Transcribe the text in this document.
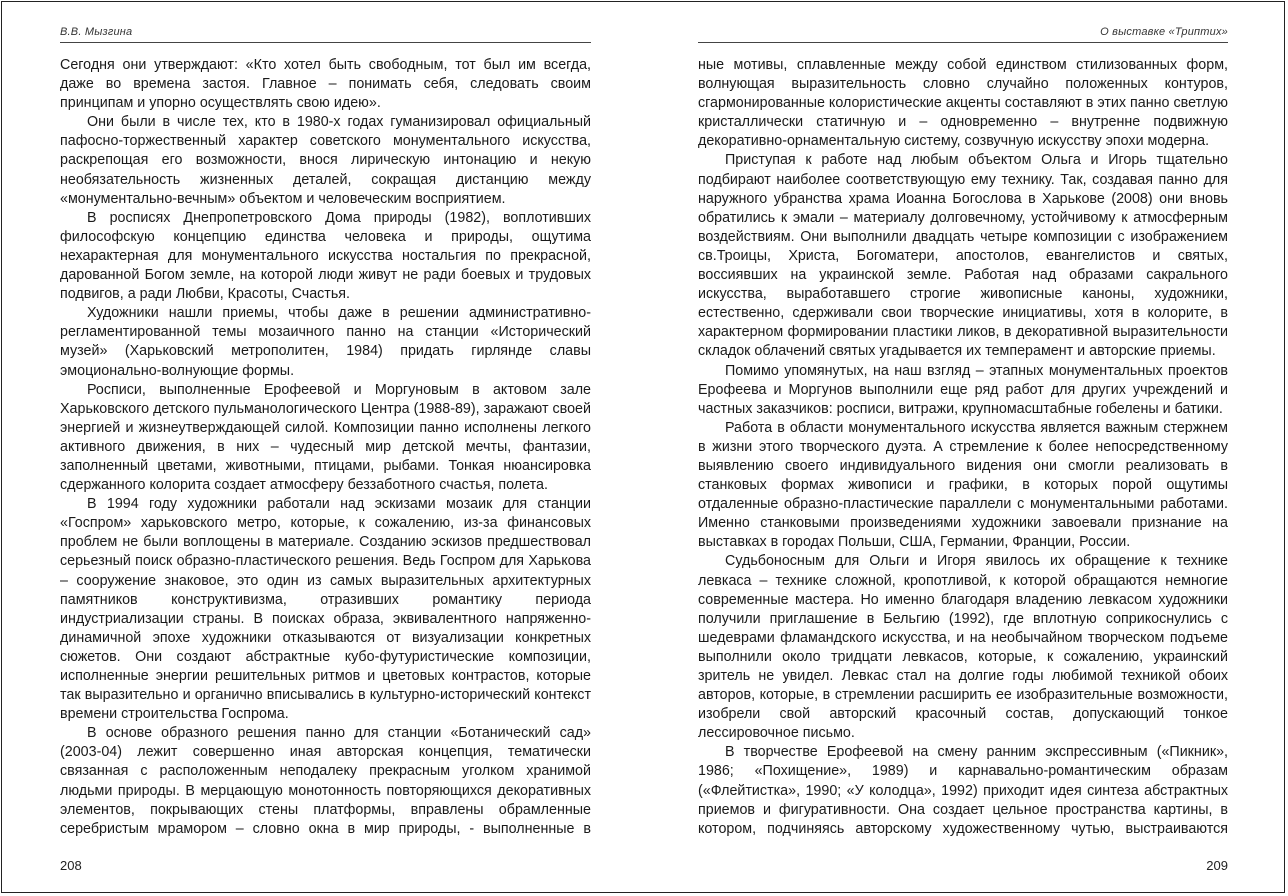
В.В. Мызгина

Сегодня они утверждают: «Кто хотел быть свободным, тот был им всегда, даже во времена застоя. Главное – понимать себя, следовать своим принципам и упорно осуществлять свою идею».

Они были в числе тех, кто в 1980-х годах гуманизировал официальный пафосно-торжественный характер советского монументального искусства, раскрепощая его возможности, внося лирическую интонацию и некую необязательность жизненных деталей, сокращая дистанцию между «монументально-вечным» объектом и человеческим восприятием.

В росписях Днепропетровского Дома природы (1982), воплотивших философскую концепцию единства человека и природы, ощутима нехарактерная для монументального искусства ностальгия по прекрасной, дарованной Богом земле, на которой люди живут не ради боевых и трудовых подвигов, а ради Любви, Красоты, Счастья.

Художники нашли приемы, чтобы даже в решении административно-регламентированной темы мозаичного панно на станции «Исторический музей» (Харьковский метрополитен, 1984) придать гирлянде славы эмоционально-волнующие формы.

Росписи, выполненные Ерофеевой и Моргуновым в актовом зале Харьковского детского пульманологического Центра (1988-89), заражают своей энергией и жизнеутверждающей силой. Композиции панно исполнены легкого активного движения, в них – чудесный мир детской мечты, фантазии, заполненный цветами, животными, птицами, рыбами. Тонкая нюансировка сдержанного колорита создает атмосферу беззаботного счастья, полета.

В 1994 году художники работали над эскизами мозаик для станции «Госпром» харьковского метро, которые, к сожалению, из-за финансовых проблем не были воплощены в материале. Созданию эскизов предшествовал серьезный поиск образно-пластического решения. Ведь Госпром для Харькова – сооружение знаковое, это один из самых выразительных архитектурных памятников конструктивизма, отразивших романтику периода индустриализации страны. В поисках образа, эквивалентного напряженно-динамичной эпохе художники отказываются от визуализации конкретных сюжетов. Они создают абстрактные кубо-футуристические композиции, исполненные энергии решительных ритмов и цветовых контрастов, которые так выразительно и органично вписывались в культурно-исторический контекст времени строительства Госпрома.

В основе образного решения панно для станции «Ботанический сад» (2003-04) лежит совершенно иная авторская концепция, тематически связанная с расположенным неподалеку прекрасным уголком хранимой людьми природы. В мерцающую монотонность повторяющихся декоративных элементов, покрывающих стены платформы, вправлены обрамленные серебристым мрамором – словно окна в мир природы, - выполненные в

208
О выставке «Триптих»

ные мотивы, сплавленные между собой единством стилизованных форм, волнующая выразительность словно случайно положенных контуров, сгармонированные колористические акценты составляют в этих панно светлую кристаллически статичную и – одновременно – внутренне подвижную декоративно-орнаментальную систему, созвучную искусству эпохи модерна.

Приступая к работе над любым объектом Ольга и Игорь тщательно подбирают наиболее соответствующую ему технику. Так, создавая панно для наружного убранства храма Иоанна Богослова в Харькове (2008) они вновь обратились к эмали – материалу долговечному, устойчивому к атмосферным воздействиям. Они выполнили двадцать четыре композиции с изображением св.Троицы, Христа, Богоматери, апостолов, евангелистов и святых, воссиявших на украинской земле. Работая над образами сакрального искусства, выработавшего строгие живописные каноны, художники, естественно, сдерживали свои творческие инициативы, хотя в колорите, в характерном формировании пластики ликов, в декоративной выразительности складок облачений святых угадывается их темперамент и авторские приемы.

Помимо упомянутых, на наш взгляд – этапных монументальных проектов Ерофеева и Моргунов выполнили еще ряд работ для других учреждений и частных заказчиков: росписи, витражи, крупномасштабные гобелены и батики.

Работа в области монументального искусства является важным стержнем в жизни этого творческого дуэта. А стремление к более непосредственному выявлению своего индивидуального видения они смогли реализовать в станковых формах живописи и графики, в которых порой ощутимы отдаленные образно-пластические параллели с монументальными работами. Именно станковыми произведениями художники завоевали признание на выставках в городах Польши, США, Германии, Франции, России.

Судьбоносным для Ольги и Игоря явилось их обращение к технике левкаса – технике сложной, кропотливой, к которой обращаются немногие современные мастера. Но именно благодаря владению левкасом художники получили приглашение в Бельгию (1992), где вплотную соприкоснулись с шедеврами фламандского искусства, и на необычайном творческом подъеме выполнили около тридцати левкасов, которые, к сожалению, украинский зритель не увидел. Левкас стал на долгие годы любимой техникой обоих авторов, которые, в стремлении расширить ее изобразительные возможности, изобрели свой авторский красочный состав, допускающий тонкое лессировочное письмо.

В творчестве Ерофеевой на смену ранним экспрессивным («Пикник», 1986; «Похищение», 1989) и карнавально-романтическим образам («Флейтистка», 1990; «У колодца», 1992) приходит идея синтеза абстрактных приемов и фигуративности. Она создает цельное пространства картины, в котором, подчиняясь авторскому художественному чутью, выстраиваются

209
